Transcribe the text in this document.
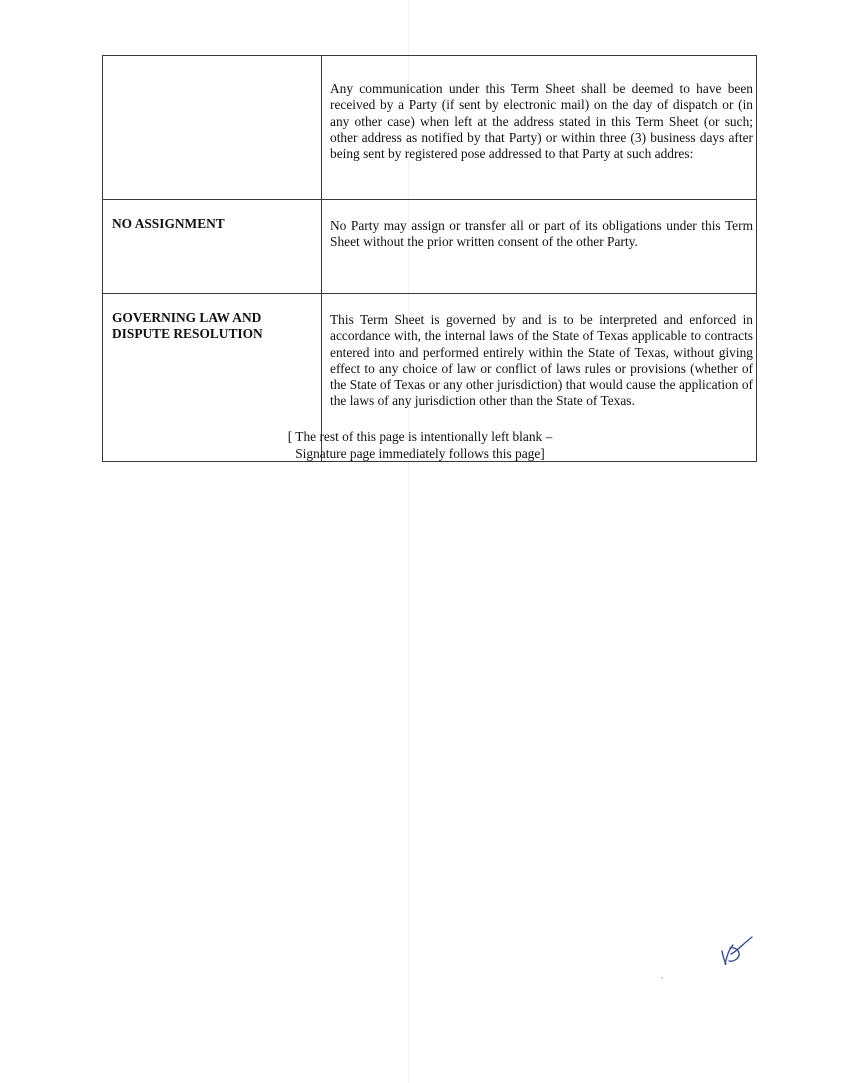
	Any communication under this Term Sheet shall be deemed to have been received by a Party (if sent by electronic mail) on the day of dispatch or (in any other case) when left at the address stated in this Term Sheet (or such; other address as notified by that Party) or within three (3) business days after being sent by registered pose addressed to that Party at such addres:
NO ASSIGNMENT	No Party may assign or transfer all or part of its obligations under this Term Sheet without the prior written consent of the other Party.
GOVERNING LAW AND DISPUTE RESOLUTION	This Term Sheet is governed by and is to be interpreted and enforced in accordance with, the internal laws of the State of Texas applicable to contracts entered into and performed entirely within the State of Texas, without giving effect to any choice of law or conflict of laws rules or provisions (whether of the State of Texas or any other jurisdiction) that would cause the application of the laws of any jurisdiction other than the State of Texas.
[ The rest of this page is intentionally left blank –
Signature page immediately follows this page]
